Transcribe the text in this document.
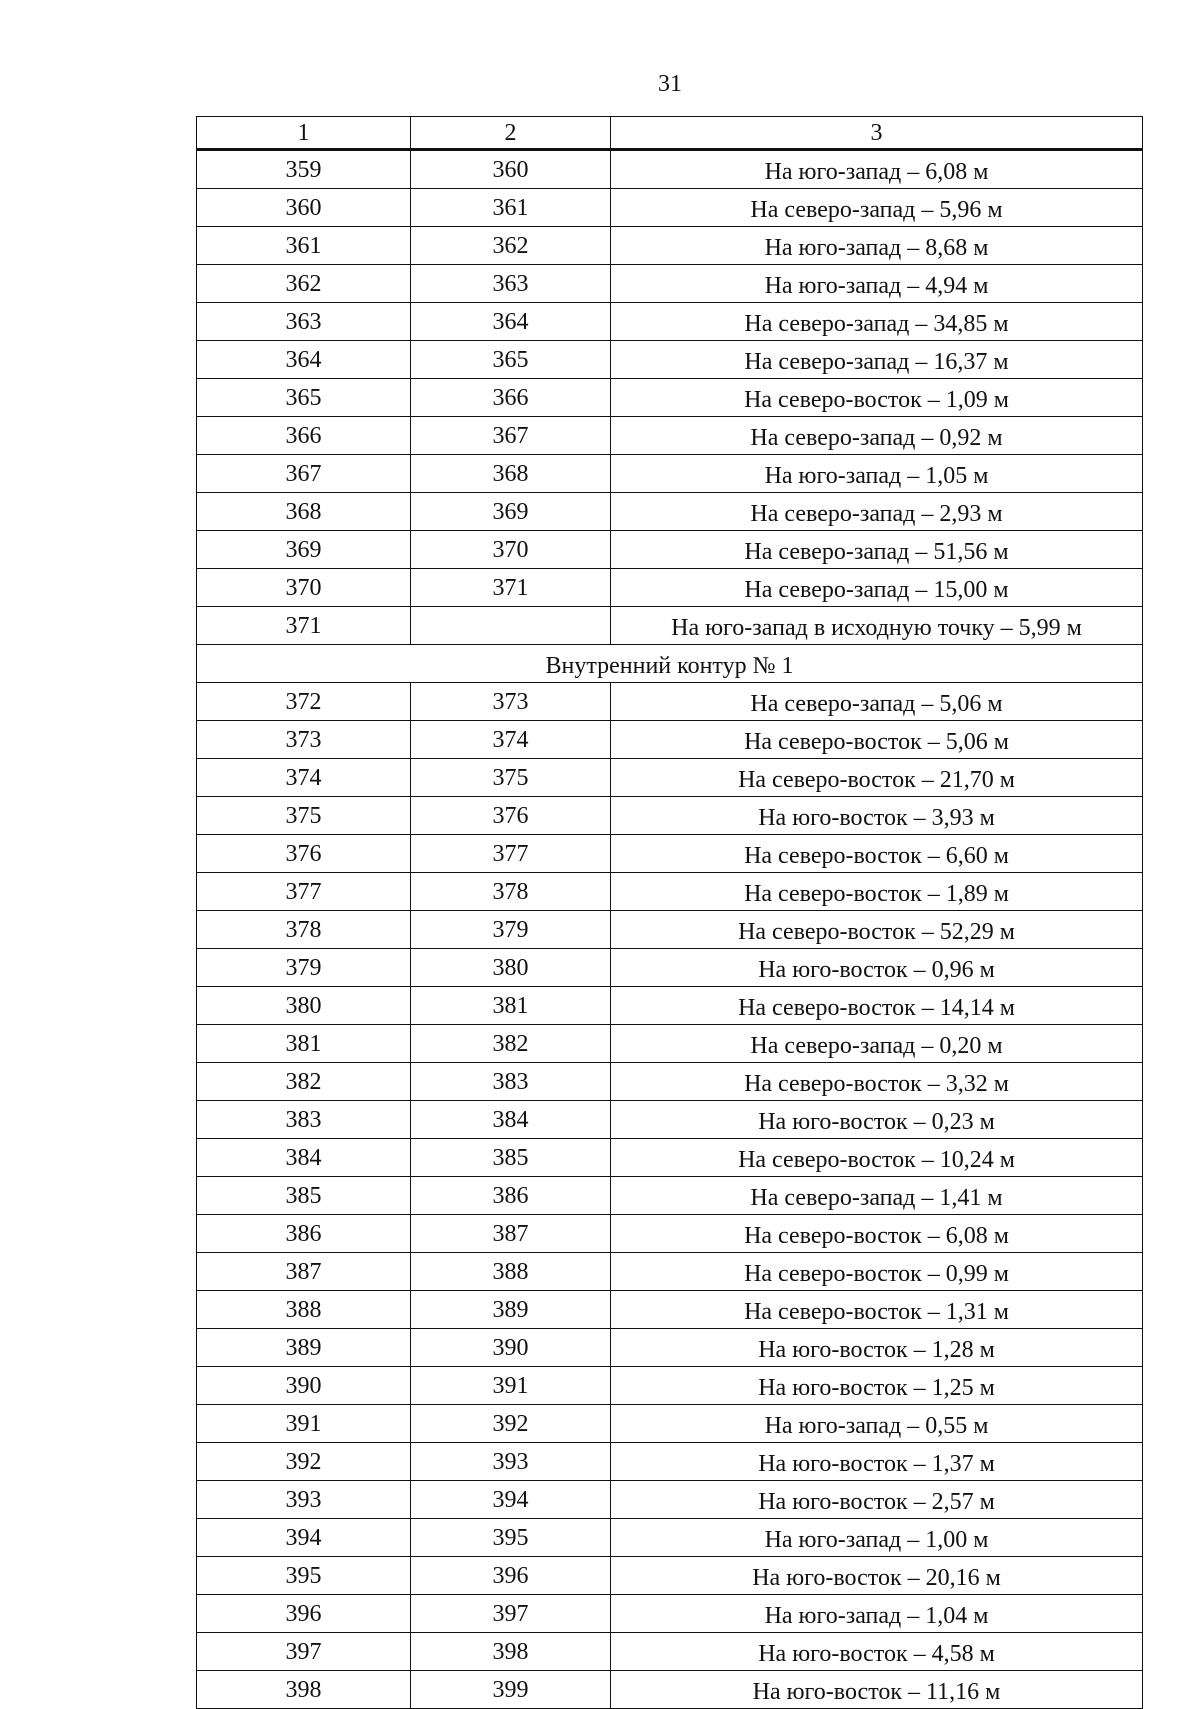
31
1	2	3
359	360	На юго-запад – 6,08 м
360	361	На северо-запад – 5,96 м
361	362	На юго-запад – 8,68 м
362	363	На юго-запад – 4,94 м
363	364	На северо-запад – 34,85 м
364	365	На северо-запад – 16,37 м
365	366	На северо-восток – 1,09 м
366	367	На северо-запад – 0,92 м
367	368	На юго-запад – 1,05 м
368	369	На северо-запад – 2,93 м
369	370	На северо-запад – 51,56 м
370	371	На северо-запад – 15,00 м
371		На юго-запад в исходную точку – 5,99 м
Внутренний контур № 1		
372	373	На северо-запад – 5,06 м
373	374	На северо-восток – 5,06 м
374	375	На северо-восток – 21,70 м
375	376	На юго-восток – 3,93 м
376	377	На северо-восток – 6,60 м
377	378	На северо-восток – 1,89 м
378	379	На северо-восток – 52,29 м
379	380	На юго-восток – 0,96 м
380	381	На северо-восток – 14,14 м
381	382	На северо-запад – 0,20 м
382	383	На северо-восток – 3,32 м
383	384	На юго-восток – 0,23 м
384	385	На северо-восток – 10,24 м
385	386	На северо-запад – 1,41 м
386	387	На северо-восток – 6,08 м
387	388	На северо-восток – 0,99 м
388	389	На северо-восток – 1,31 м
389	390	На юго-восток – 1,28 м
390	391	На юго-восток – 1,25 м
391	392	На юго-запад – 0,55 м
392	393	На юго-восток – 1,37 м
393	394	На юго-восток – 2,57 м
394	395	На юго-запад – 1,00 м
395	396	На юго-восток – 20,16 м
396	397	На юго-запад – 1,04 м
397	398	На юго-восток – 4,58 м
398	399	На юго-восток – 11,16 м
